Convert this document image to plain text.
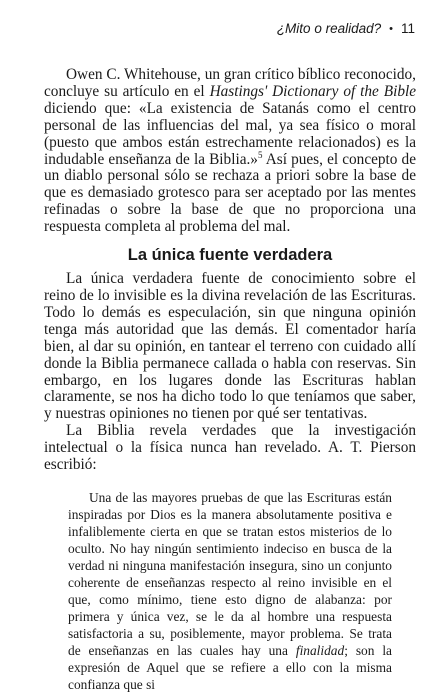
¿Mito o realidad? • 11

Owen C. Whitehouse, un gran crítico bíblico reconocido, concluye su artículo en el Hastings' Dictionary of the Bible diciendo que: «La existencia de Satanás como el centro personal de las influencias del mal, ya sea físico o moral (puesto que ambos están estrechamente relacionados) es la indudable enseñanza de la Biblia.»$^5$ Así pues, el concepto de un diablo personal sólo se rechaza a priori sobre la base de que es demasiado grotesco para ser aceptado por las mentes refinadas o sobre la base de que no proporciona una respuesta completa al problema del mal.

La única fuente verdadera

La única verdadera fuente de conocimiento sobre el reino de lo invisible es la divina revelación de las Escrituras. Todo lo demás es especulación, sin que ninguna opinión tenga más autoridad que las demás. El comentador haría bien, al dar su opinión, en tantear el terreno con cuidado allí donde la Biblia permanece callada o habla con reservas. Sin embargo, en los lugares donde las Escrituras hablan claramente, se nos ha dicho todo lo que teníamos que saber, y nuestras opiniones no tienen por qué ser tentativas.

La Biblia revela verdades que la investigación intelectual o la física nunca han revelado. A. T. Pierson escribió:

Una de las mayores pruebas de que las Escrituras están inspiradas por Dios es la manera absolutamente positiva e infaliblemente cierta en que se tratan estos misterios de lo oculto. No hay ningún sentimiento indeciso en busca de la verdad ni ninguna manifestación insegura, sino un conjunto coherente de enseñanzas respecto al reino invisible en el que, como mínimo, tiene esto digno de alabanza: por primera y única vez, se le da al hombre una respuesta satisfactoria a su, posiblemente, mayor problema. Se trata de enseñanzas en las cuales hay una finalidad; son la expresión de Aquel que se refiere a ello con la misma confianza que si
